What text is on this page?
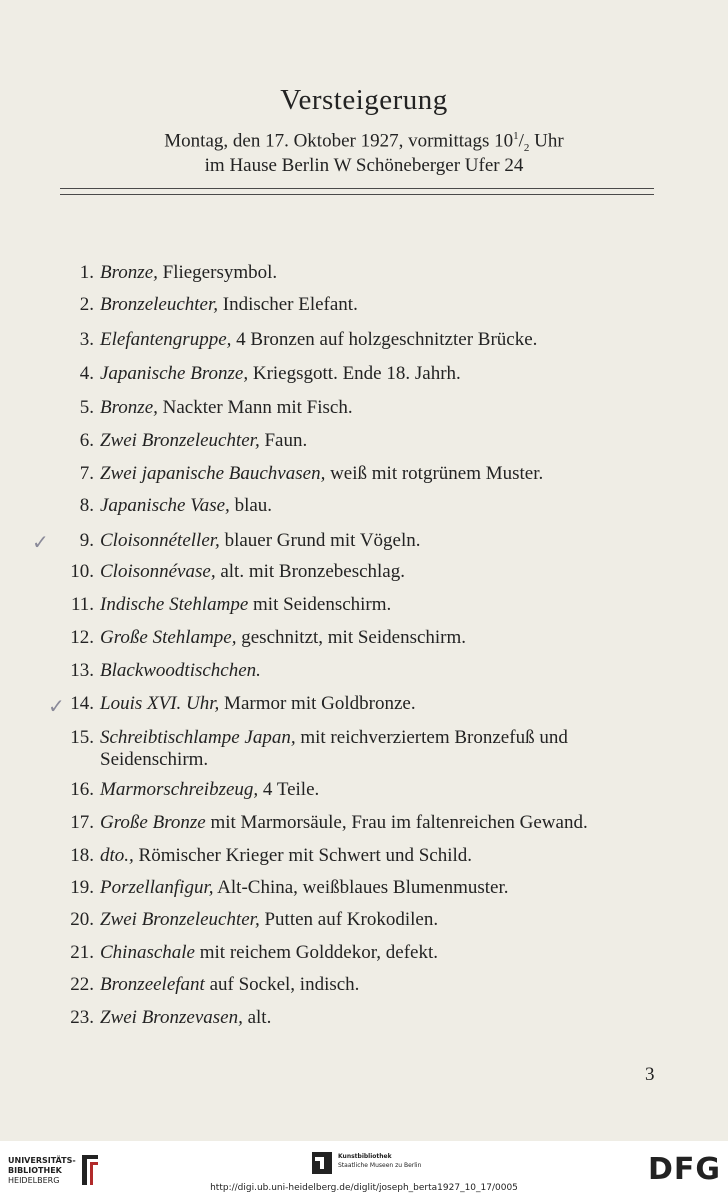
Versteigerung
Montag, den 17. Oktober 1927, vormittags $10^1/_2$ Uhr
im Hause Berlin W Schöneberger Ufer 24
1. Bronze, Fliegersymbol.
2. Bronzeleuchter, Indischer Elefant.
3. Elefantengruppe, 4 Bronzen auf holzgeschnitzter Brücke.
4. Japanische Bronze, Kriegsgott. Ende 18. Jahrh.
5. Bronze, Nackter Mann mit Fisch.
6. Zwei Bronzeleuchter, Faun.
7. Zwei japanische Bauchvasen, weiß mit rotgrünem Muster.
8. Japanische Vase, blau.
9. Cloisonnételler, blauer Grund mit Vögeln.
10. Cloisonnévase, alt. mit Bronzebeschlag.
11. Indische Stehlampe mit Seidenschirm.
12. Große Stehlampe, geschnitzt, mit Seidenschirm.
13. Blackwoodtischchen.
14. Louis XVI. Uhr, Marmor mit Goldbronze.
15. Schreibtischlampe Japan, mit reichverziertem Bronzefuß und Seidenschirm.
16. Marmorschreibzeug, 4 Teile.
17. Große Bronze mit Marmorsäule, Frau im faltenreichen Gewand.
18. dto., Römischer Krieger mit Schwert und Schild.
19. Porzellanfigur, Alt-China, weißblaues Blumenmuster.
20. Zwei Bronzeleuchter, Putten auf Krokodilen.
21. Chinaschale mit reichem Golddekor, defekt.
22. Bronzeelefant auf Sockel, indisch.
23. Zwei Bronzevasen, alt.
✓
✓
3
UNIVERSITÄTS-
BIBLIOTHEK
HEIDELBERG
Kunstbibliothek
Staatliche Museen zu Berlin	DFG
http://digi.ub.uni-heidelberg.de/diglit/joseph_berta1927_10_17/0005
